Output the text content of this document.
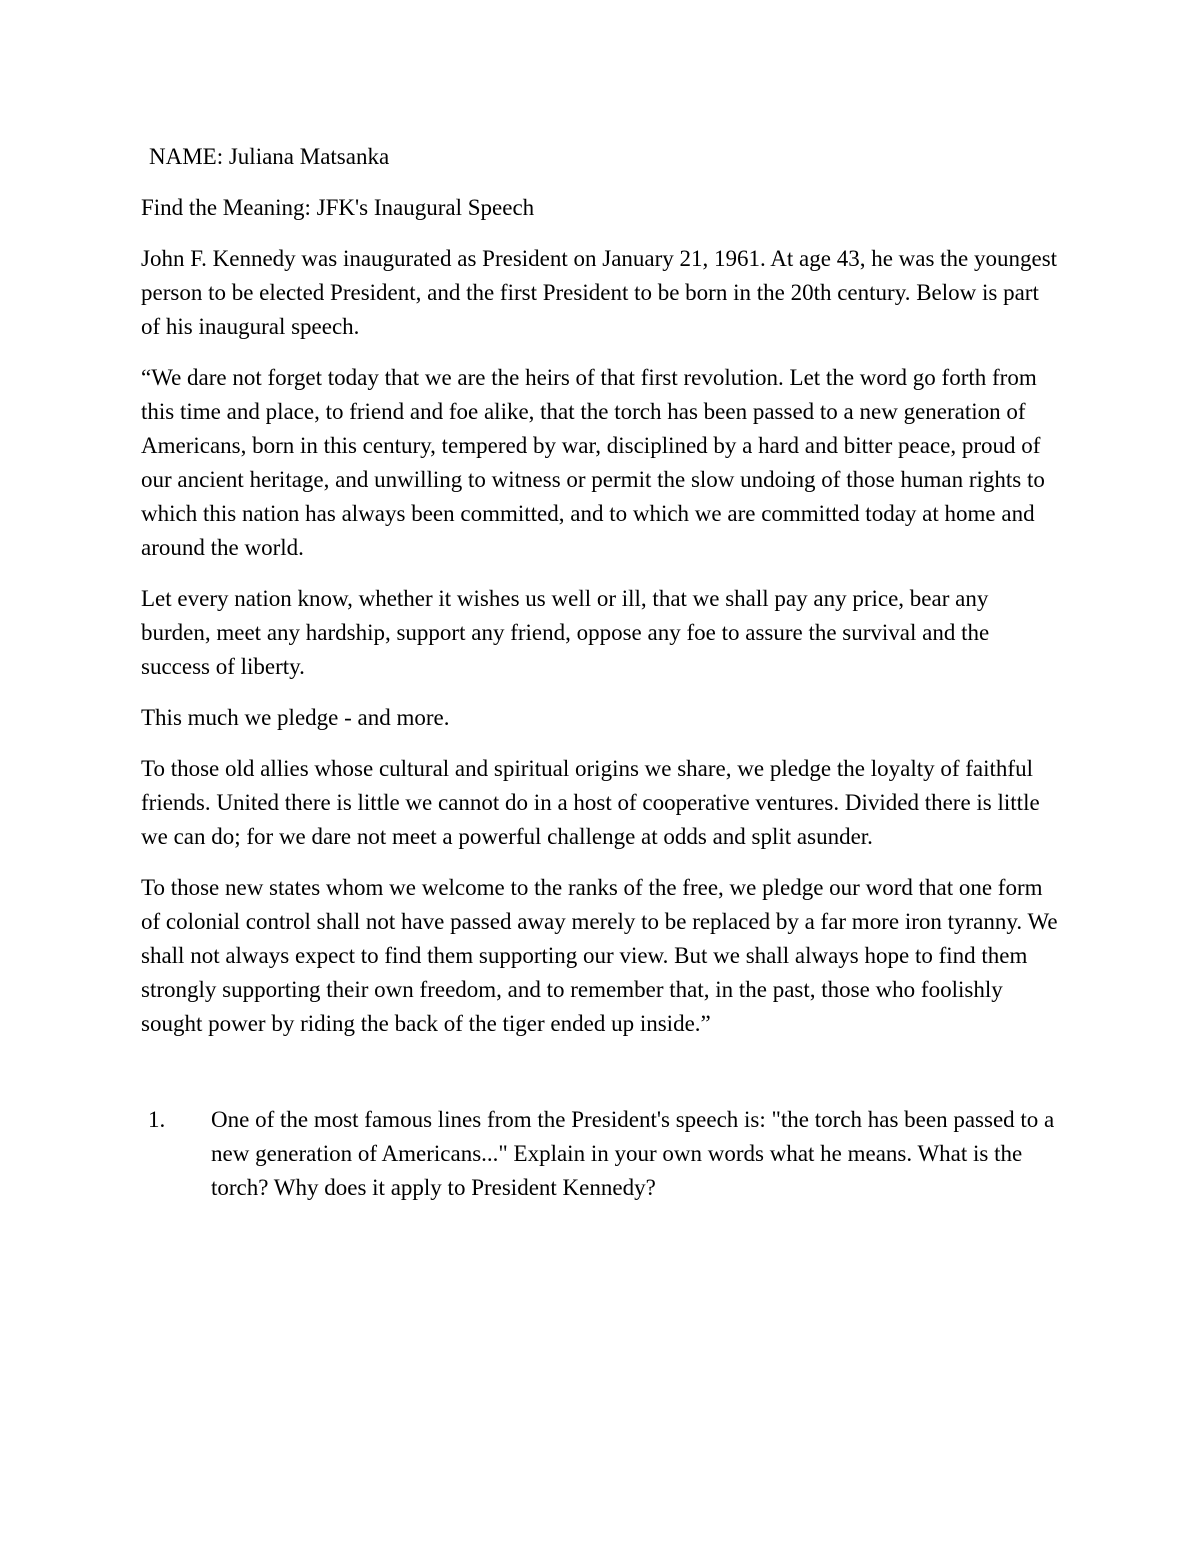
NAME: Juliana Matsanka

Find the Meaning: JFK's Inaugural Speech

John F. Kennedy was inaugurated as President on January 21, 1961. At age 43, he was the youngest person to be elected President, and the first President to be born in the 20th century. Below is part of his inaugural speech.

“We dare not forget today that we are the heirs of that first revolution. Let the word go forth from this time and place, to friend and foe alike, that the torch has been passed to a new generation of Americans, born in this century, tempered by war, disciplined by a hard and bitter peace, proud of our ancient heritage, and unwilling to witness or permit the slow undoing of those human rights to which this nation has always been committed, and to which we are committed today at home and around the world.

Let every nation know, whether it wishes us well or ill, that we shall pay any price, bear any burden, meet any hardship, support any friend, oppose any foe to assure the survival and the success of liberty.

This much we pledge - and more.

To those old allies whose cultural and spiritual origins we share, we pledge the loyalty of faithful friends. United there is little we cannot do in a host of cooperative ventures. Divided there is little we can do; for we dare not meet a powerful challenge at odds and split asunder.

To those new states whom we welcome to the ranks of the free, we pledge our word that one form of colonial control shall not have passed away merely to be replaced by a far more iron tyranny. We shall not always expect to find them supporting our view. But we shall always hope to find them strongly supporting their own freedom, and to remember that, in the past, those who foolishly sought power by riding the back of the tiger ended up inside.”

1. One of the most famous lines from the President's speech is: "the torch has been passed to a new generation of Americans..." Explain in your own words what he means. What is the torch? Why does it apply to President Kennedy?
